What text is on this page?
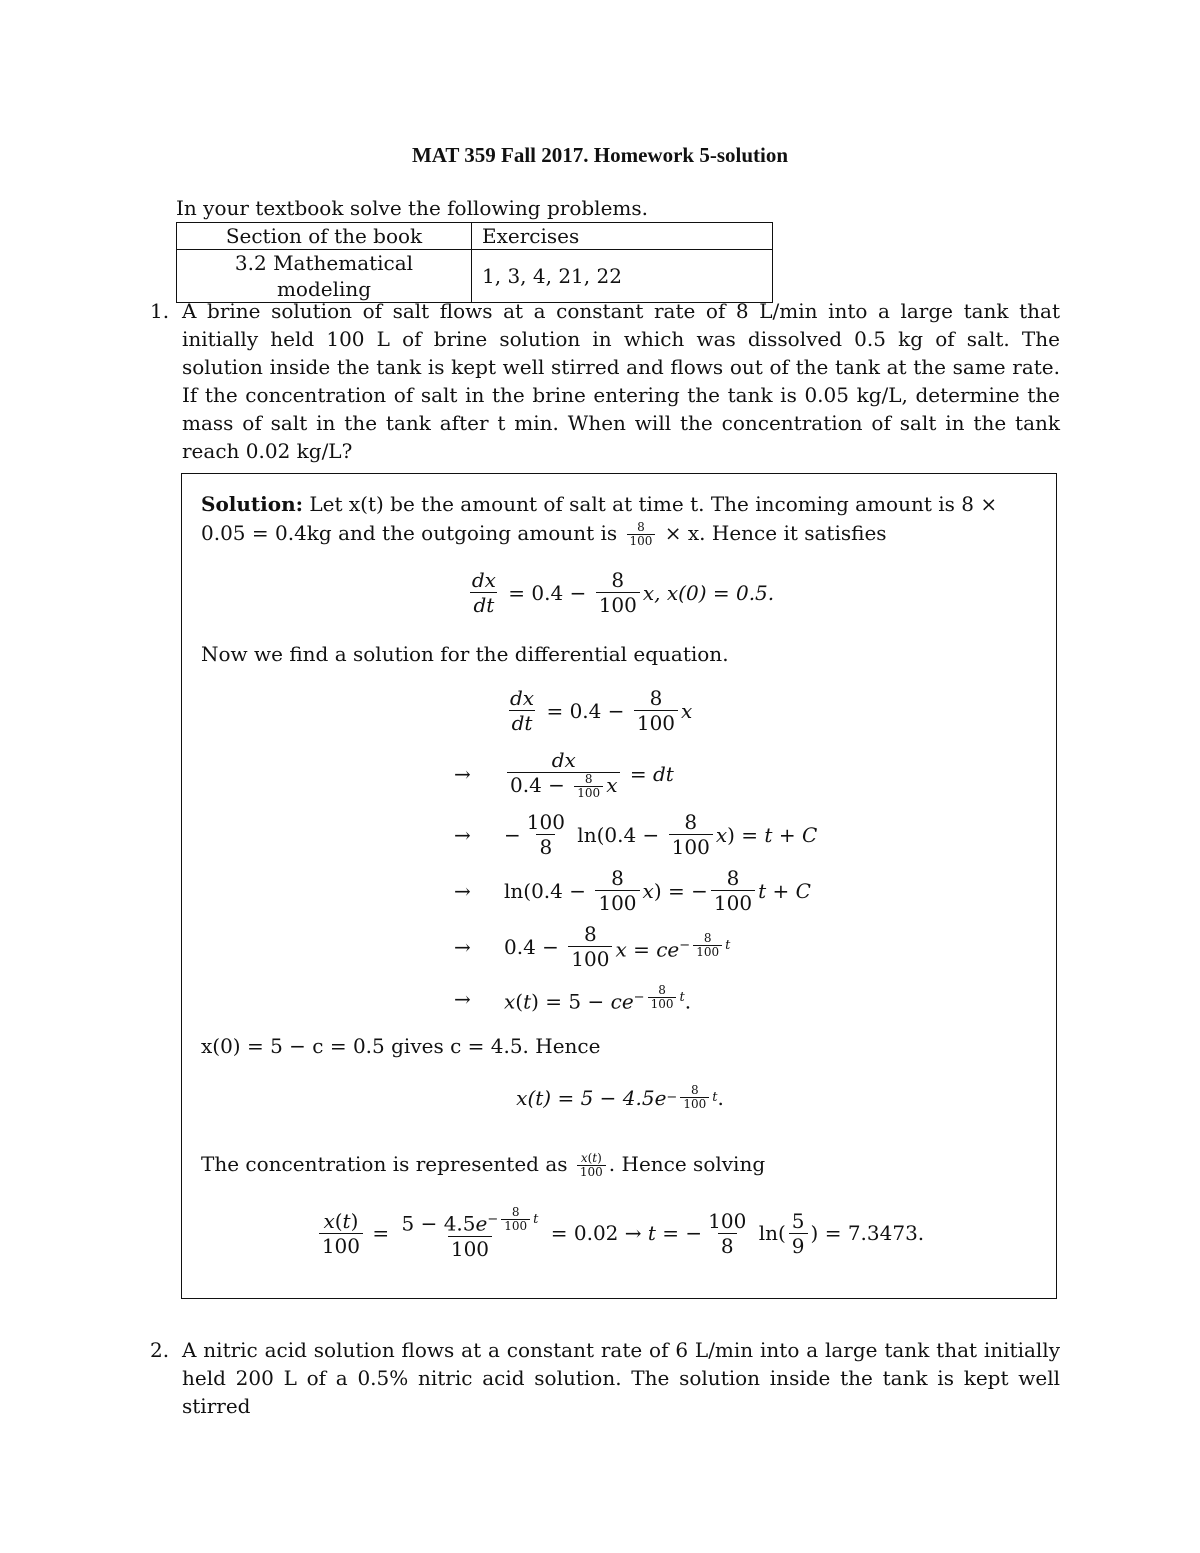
MAT 359 Fall 2017. Homework 5-solution
In your textbook solve the following problems.
Section of the book	Exercises
3.2 Mathematical modeling	1, 3, 4, 21, 22
1. A brine solution of salt flows at a constant rate of 8 L/min into a large tank that initially held 100 L of brine solution in which was dissolved 0.5 kg of salt. The solution inside the tank is kept well stirred and flows out of the tank at the same rate. If the concentration of salt in the brine entering the tank is 0.05 kg/L, determine the mass of salt in the tank after t min. When will the concentration of salt in the tank reach 0.02 kg/L?
Solution: Let x(t) be the amount of salt at time t. The incoming amount is 8 ×
0.05 = 0.4kg and the outgoing amount is $\frac{8}{100} \times x$. Hence it satisfies
$\frac{dx}{dt} = 0.4 - \frac{8}{100} x$, x(0) = 0.5.
Now we find a solution for the differential equation.
$\frac{dx}{dt} = 0.4 - \frac{8}{100}$ x
→	$\frac{dx}{0.4 - \frac{8}{100} x}$ = dt
→	− $\frac{100}{8} \ln(0.4 - \frac{8}{100} x) = t + C$
→	$\ln(0.4 - \frac{8}{100} x)$ = − $\frac{8}{100}$ t + C
→	$0.4 - \frac{8}{100}$ $x = ce^{- \frac{8}{100} t}$
→	$x(t) = 5 - ce^{- \frac{8}{100} t}$.
x(0) = 5 − c = 0.5 gives c = 4.5. Hence
$x(t) = 5 - 4.5e - \frac{8}{100}$ t .
The concentration is represented as $\frac{x(t)}{100}$ . Hence solving
$\frac{x(t)}{100} = 5 - 4.5e^{- \frac{8}{100} t}$
100 = 0.02 → t = − $\frac{100}{8} \ln( \frac{5}{9}$ ) = 7.3473.
2. A nitric acid solution flows at a constant rate of 6 L/min into a large tank that initially held 200 L of a 0.5% nitric acid solution. The solution inside the tank is kept well stirred
